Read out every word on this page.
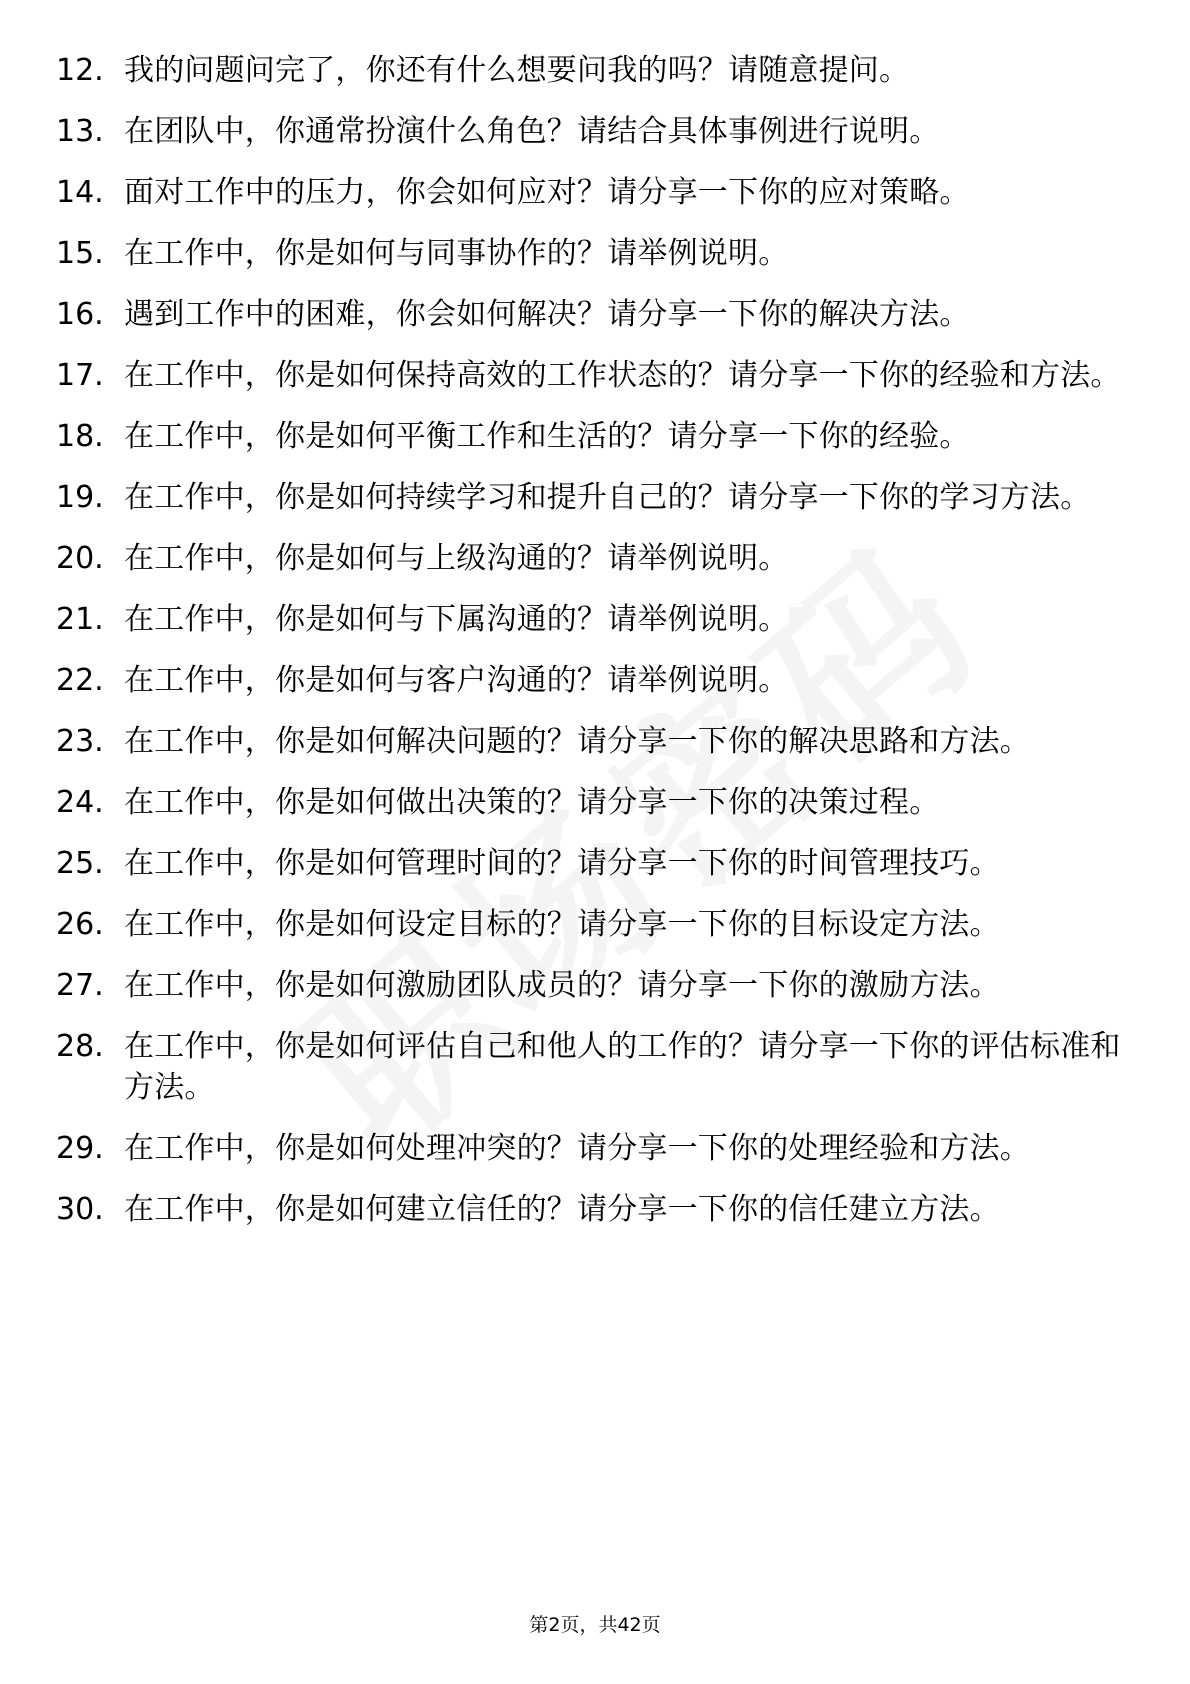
12. 我的问题问完了，你还有什么想要问我的吗？请随意提问。
13. 在团队中，你通常扮演什么角色？请结合具体事例进行说明。
14. 面对工作中的压力，你会如何应对？请分享一下你的应对策略。
15. 在工作中，你是如何与同事协作的？请举例说明。
16. 遇到工作中的困难，你会如何解决？请分享一下你的解决方法。
17. 在工作中，你是如何保持高效的工作状态的？请分享一下你的经验和方法。
18. 在工作中，你是如何平衡工作和生活的？请分享一下你的经验。
19. 在工作中，你是如何持续学习和提升自己的？请分享一下你的学习方法。
20. 在工作中，你是如何与上级沟通的？请举例说明。
21. 在工作中，你是如何与下属沟通的？请举例说明。
22. 在工作中，你是如何与客户沟通的？请举例说明。
23. 在工作中，你是如何解决问题的？请分享一下你的解决思路和方法。
24. 在工作中，你是如何做出决策的？请分享一下你的决策过程。
25. 在工作中，你是如何管理时间的？请分享一下你的时间管理技巧。
26. 在工作中，你是如何设定目标的？请分享一下你的目标设定方法。
27. 在工作中，你是如何激励团队成员的？请分享一下你的激励方法。
28. 在工作中，你是如何评估自己和他人的工作的？请分享一下你的评估标准和方法。
29. 在工作中，你是如何处理冲突的？请分享一下你的处理经验和方法。
30. 在工作中，你是如何建立信任的？请分享一下你的信任建立方法。
第2页，共42页
